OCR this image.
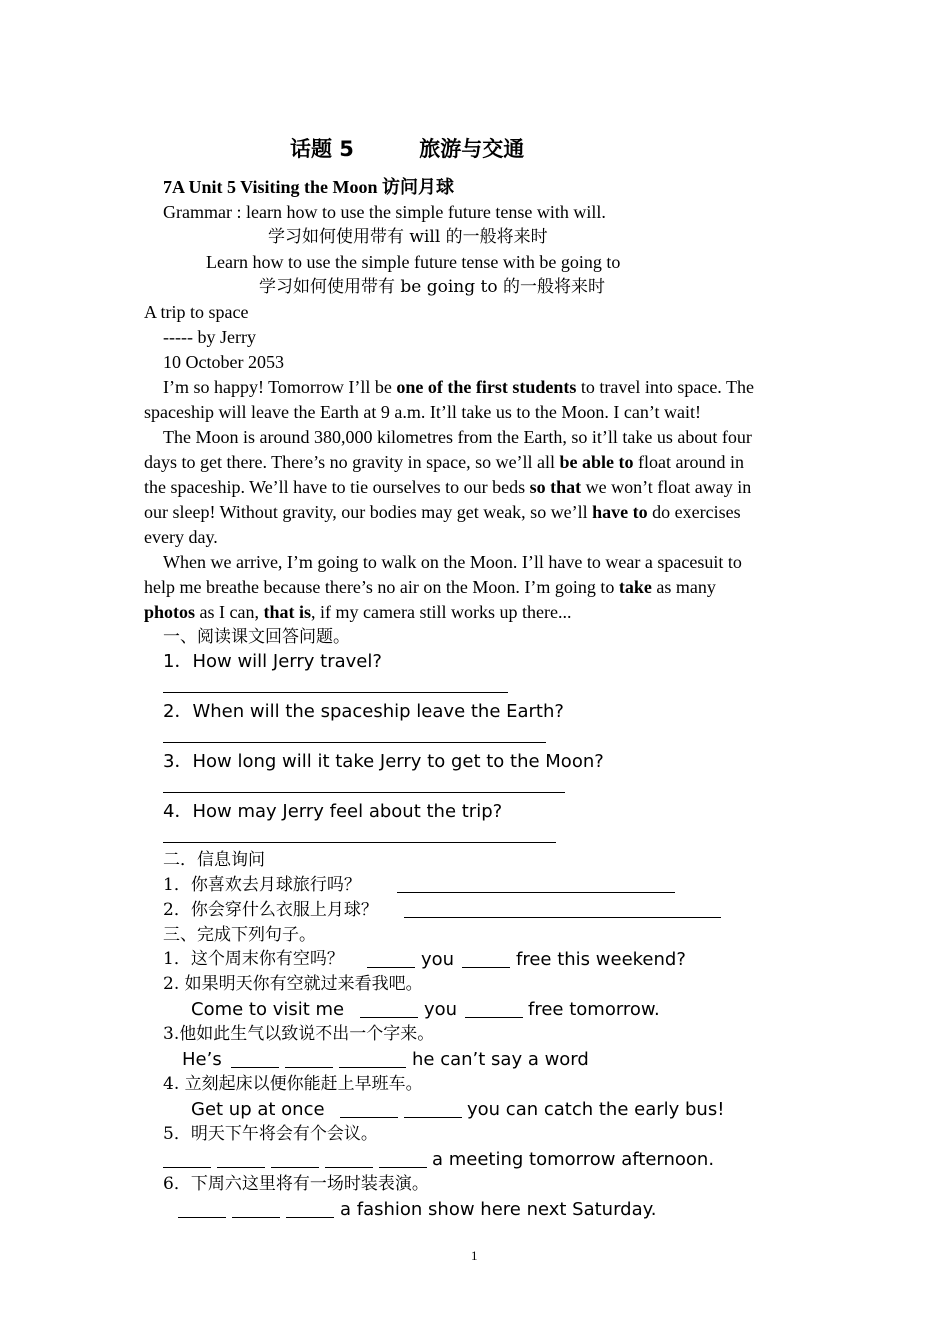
话题 5	旅游与交通
7A Unit 5 Visiting the Moon 访问月球
Grammar : learn how to use the simple future tense with will.
学习如何使用带有 will 的一般将来时
Learn how to use the simple future tense with be going to
学习如何使用带有 be going to 的一般将来时
A trip to space
----- by Jerry
10 October 2053
I’m so happy! Tomorrow I’ll be one of the first students to travel into space. The
spaceship will leave the Earth at 9 a.m. It’ll take us to the Moon. I can’t wait!
The Moon is around 380,000 kilometres from the Earth, so it’ll take us about four
days to get there. There’s no gravity in space, so we’ll all be able to float around in
the spaceship. We’ll have to tie ourselves to our beds so that we won’t float away in
our sleep! Without gravity, our bodies may get weak, so we’ll have to do exercises
every day.
When we arrive, I’m going to walk on the Moon. I’ll have to wear a spacesuit to
help me breathe because there’s no air on the Moon. I’m going to take as many
photos as I can, that is, if my camera still works up there...
一、阅读课文回答问题。
1．How will Jerry travel?
2．When will the spaceship leave the Earth?
3．How long will it take Jerry to get to the Moon?
4．How may Jerry feel about the trip?
二．信息询问
1．你喜欢去月球旅行吗？
2．你会穿什么衣服上月球？
三、完成下列句子。
1．这个周末你有空吗？	you	free this weekend?
2. 如果明天你有空就过来看我吧。
Come to visit me	you	free tomorrow.
3.他如此生气以致说不出一个字来。
He’s	he can’t say a word
4. 立刻起床以便你能赶上早班车。
Get up at once	you can catch the early bus!
5．明天下午将会有个会议。
a meeting tomorrow afternoon.
6．下周六这里将有一场时装表演。
a fashion show here next Saturday.
1
